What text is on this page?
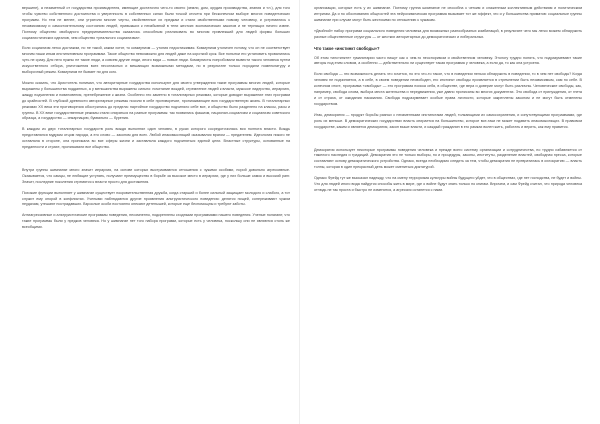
вершине), а незаметный от государства производителя, имеющие достаточно чего-то своего (земли, дом, орудия производства, знания и т.п.), для того чтобы чувство собственного достоинства и уверенность в собственных силах были точкой отсчета при бесконечном выборе многих поведенческих программ. Но тем не менее, они утратили многие черты, свойственные их предкам и стали свойственными новому человеку, и устремились к независимому и самостоятельному состоянию людей, привыкших к неизбывной в тени жестких экономических законов и не терпящих ничего извне. Поэтому общество свободного предпринимательства оказалось способным реализовать во многом привлекший для людей формы больших социалистических идеалов, чем общество «реального социализма».

Если социализм легко достижим, но не такой, каким хотят, то коммунизм — утопия недостижимая. Коммунизм утопичен потому, что он не соответствует многим наши иным инстинктивным программам. Такое общество невозможно для людей даже на короткий срок. Все попытки его установить провалились чуть не сразу. Для него нужны не такие люди, а совсем другие люди, иного вида — новые люди. Коммунисты попробовали вывести такого человека путем искусственного отбора, уничтожения всех несогласных и мешающих возможными методами, но в результате только породили номенклатуру и выборочный режим. Коммунизм не бывает ни для кого.

Можно сказать, что Аристотель понимал, что авторитарные государства используют для своего утверждения такие программы многих людей, которые выражены у большинства подданных, а у меньшинства выражены сильно: почитание вождей, стремление людей к власти, мужское лидерство, иерархию, жажду подчинения и повиновения, пренебрежение к жизни. Особенно это заметно в тоталитарных режимах, которые доводят выражение этих программ до крайностей. В глубокой древности авторитарные режимы носили в себе противоречие, пронизывающее всю государственную жизнь. В тоталитарных режимах XX века эти противоречия обострились до предела: партийное государство подчиняло себе все, и общество было разделено на классы, расы и группы. В XX веке государственные режимы стали опираться на разные программы: так появились фашизм, национал-социализм и социализм советского образца, а государство — инкарнацию, буквально — бурения.

В каждом из двух тоталитарных государств роль вождя выполнял один человек, в руках которого сосредоточилась вся полнота власти. Вождь представлялся мудрым отцом народа, а его слово — законом для всех. Любой инакомыслящий оказывался врагом — предателем. Идеология никого не оставляла в стороне, она проникала во все сферы жизни и заставляла каждого подчиняться единой цели. Властные структуры, основанные на преданности и страхе, пронизывали все общество.

Внутри группы шимпанзе много значит иерархия, на основе которых выстраиваются отношения с чужими особями, порой довольно агрессивные. Оказывается, что самцы, не любящие уступать, получают преимущество в борьбе за высокое место в иерархии, где у них больше самок и высокий ранг. Значит, последние поколения стремятся к власти просто для достижения.

Похожие функции выполняет у шимпанзе существует покровительственная дружба, когда старший и более сильный защищает молодого и слабого, а тот служит ему опорой в конфликтах. Учеными наблюдаются другие проявления альтруистического поведения: делятся пищей, сопереживают чужим неудачам, утешают пострадавших. Взрослые особи постоянно опекают детенышей, которые еще беспомощны и требуют заботы.

Антиагрессивные и альтруистические программы поведения, несомненно, подкреплены сходными программами нашего поведения. Ученые полагают, что такие программы были у предков человека. Но у шимпанзе нет того набора программ, которые есть у человека, поскольку они не являются столь же всеобщими.

организации, которые есть у их шимпанзе. Поэтому группа шимпанзе не способна к четким и слаженным коллективным действиям и политическим интригам. Да и по обоснованию общностей эта нейрохимическая программа вызывает тот же эффект, что и у большинства приматов: социальные группы шимпанзе при случае могут быть жестокими по отношению к чужакам.

«Двойной» набор программ социального поведения человека для возможных разнообразных комбинаций, в результате чего мы легко можем обнаружить разные общественные структуры — от жестких авторитарных до демократических и либеральных.

Что такое «инстинкт свободы»?

Об этом «инстинкте» гуманитарии часто пишут как о чем-то неоспоримом и свойственном человеку. Этологу трудно понять, что подразумевают такие авторы под этим словом, а особенно — действительно ли существует такая программа у человека, а если да, то как она устроена.

Если свобода — это возможность делать что хочется, но это что-то такое, что в поведении нельзя обнаружить в поведении, то в чем нет свободы? Когда человек не подчиняется, а в себе, в своем поведении несвободен, его инстинкт свободы проявляется в стремлении быть независимым, сам по себе. В конечном итоге, программа «свободы» — это программа поиска себя, в обществе, где вера и доверие могут быть различны. Человеческие свободы, как, например, свобода слова, выбора места жительства и передвижения, уже давно прописаны во многих документах. Это свобода от принуждения, от гнета и от страха, от ожидания наказания. Свобода подразумевает особые права личности, которые закреплены законом и не могут быть отменены государством.

Итак, демократия — продукт борьбы разных с неизменными инстинктами людей, толкающими их самосохранения, и сопутствующими программами, где роль их меньше. В демократических государствах власть опирается на большинство, которое все-таки не может подавить инакомыслящих. В правовом государстве, каким и является демократия, закон выше власти, и каждый гражданин в его рамках волен жить, работать и верить, как ему нравится.

Демократия использует некоторые программы поведения человека и прежде всего систему организации и сотрудничества, но трудно избавляется от тяжелого наследия и традиций. Демократия это не только выборы, но и процедуры, законы, институты, разделение властей, свободная пресса, которые составляют основу демократического устройства. Однако, всегда необходимо следить за тем, чтобы демократия не превратилась в охлократию — власть толпы, которая в один прекрасный день может смениться диктатурой.

Однако Фрейд тут же высказал надежду, что на смену терроризма культуры войны будущего уйдет, что в обществах, где нет господства, не будет и войны. Что для людей иного вида найдутся способы жить в мире, где о войне будут знать только по книгам. Впрочем, и сам Фрейд считал, что природа человека отнюдь не так проста и быстро не изменится, а агрессия останется с нами.
